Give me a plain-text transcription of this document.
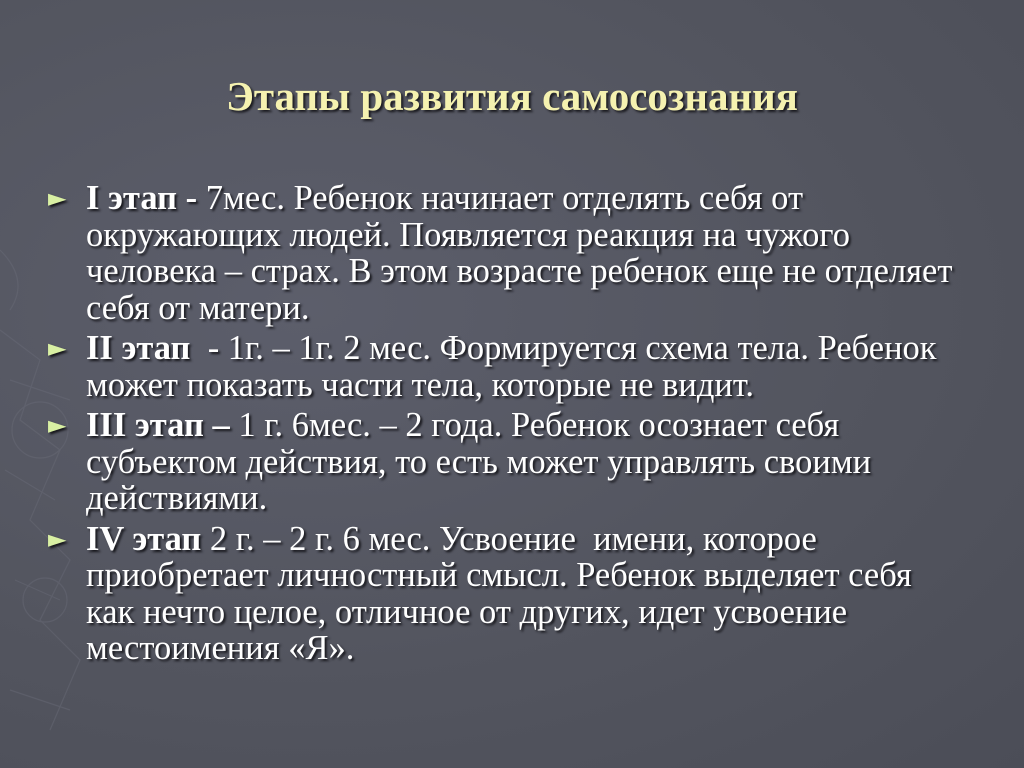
Этапы развития самосознания
► I этап - 7мес. Ребенок начинает отделять себя от окружающих людей. Появляется реакция на чужого человека – страх. В этом возрасте ребенок еще не отделяет себя от матери.
► II этап  - 1г. – 1г. 2 мес. Формируется схема тела. Ребенок может показать части тела, которые не видит.
► III этап – 1 г. 6мес. – 2 года. Ребенок осознает себя субъектом действия, то есть может управлять своими действиями.
► IV этап 2 г. – 2 г. 6 мес. Усвоение  имени, которое приобретает личностный смысл. Ребенок выделяет себя как нечто целое, отличное от других, идет усвоение местоимения «Я».
